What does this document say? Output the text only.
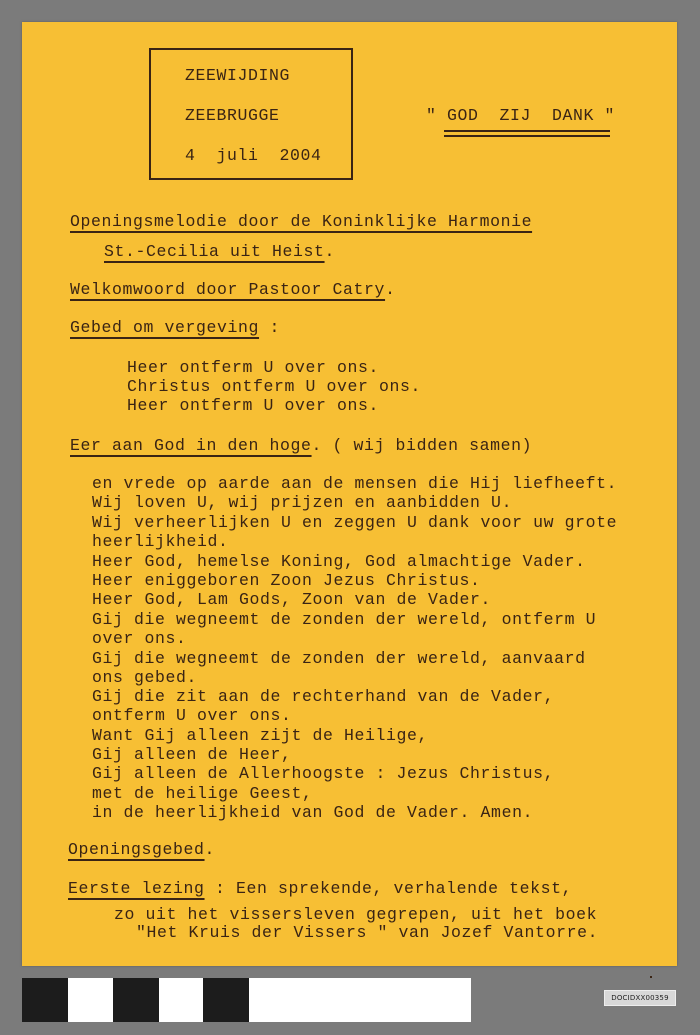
ZEEWIJDING
ZEEBRUGGE
4  juli  2004
" GOD  ZIJ  DANK "
Openingsmelodie door de Koninklijke Harmonie
St.-Cecilia uit Heist.
Welkomwoord door Pastoor Catry.
Gebed om vergeving :
Heer ontferm U over ons.
Christus ontferm U over ons.
Heer ontferm U over ons.
Eer aan God in den hoge. ( wij bidden samen)
en vrede op aarde aan de mensen die Hij liefheeft.
Wij loven U, wij prijzen en aanbidden U.
Wij verheerlijken U en zeggen U dank voor uw grote
heerlijkheid.
Heer God, hemelse Koning, God almachtige Vader.
Heer eniggeboren Zoon Jezus Christus.
Heer God, Lam Gods, Zoon van de Vader.
Gij die wegneemt de zonden der wereld, ontferm U
over ons.
Gij die wegneemt de zonden der wereld, aanvaard
ons gebed.
Gij die zit aan de rechterhand van de Vader,
ontferm U over ons.
Want Gij alleen zijt de Heilige,
Gij alleen de Heer,
Gij alleen de Allerhoogste : Jezus Christus,
met de heilige Geest,
in de heerlijkheid van God de Vader. Amen.
Openingsgebed.
Eerste lezing : Een sprekende, verhalende tekst,
zo uit het vissersleven gegrepen, uit het boek
"Het Kruis der Vissers " van Jozef Vantorre.
DOCIDXX00359
